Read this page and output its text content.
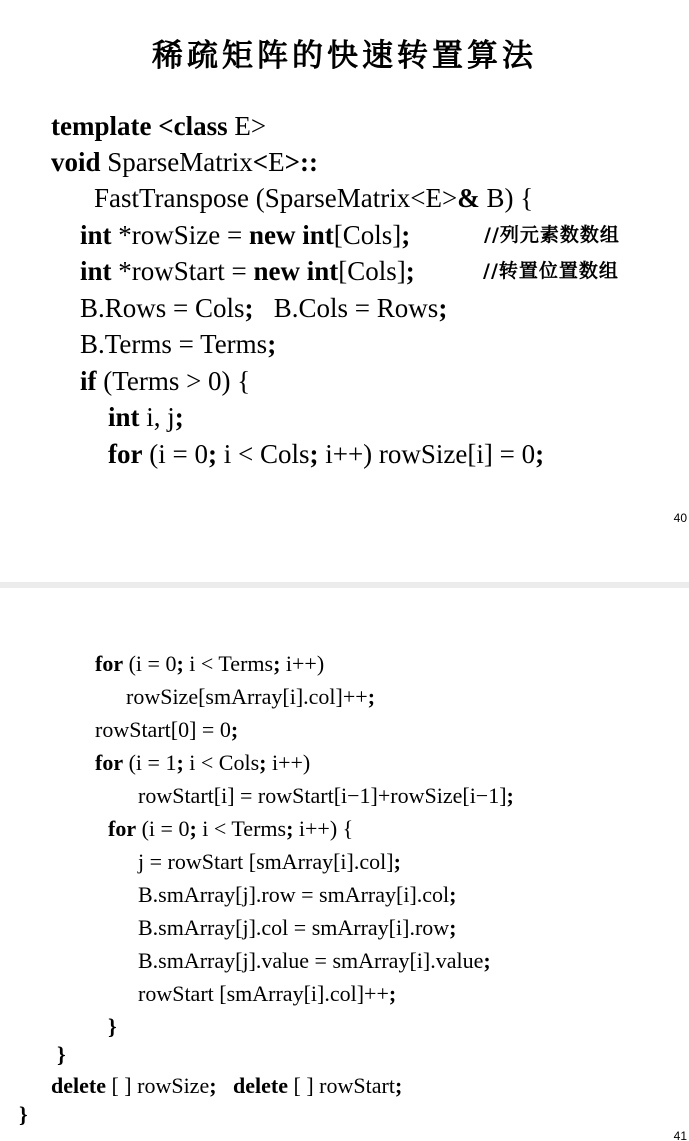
稀疏矩阵的快速转置算法
template <class E>
void SparseMatrix<E>::
FastTranspose (SparseMatrix<E>& B) {
int *rowSize = new int[Cols];	//列元素数数组
int *rowStart = new int[Cols];	//转置位置数组
B.Rows = Cols;   B.Cols = Rows;
B.Terms = Terms;
if (Terms > 0) {
int i, j;
for (i = 0; i < Cols; i++) rowSize[i] = 0;
40
for (i = 0; i < Terms; i++)
rowSize[smArray[i].col]++;
rowStart[0] = 0;
for (i = 1; i < Cols; i++)
rowStart[i] = rowStart[i−1]+rowSize[i−1];
for (i = 0; i < Terms; i++) {
j = rowStart [smArray[i].col];
B.smArray[j].row = smArray[i].col;
B.smArray[j].col = smArray[i].row;
B.smArray[j].value = smArray[i].value;
rowStart [smArray[i].col]++;
}
}
delete [ ] rowSize;   delete [ ] rowStart;
}
41
